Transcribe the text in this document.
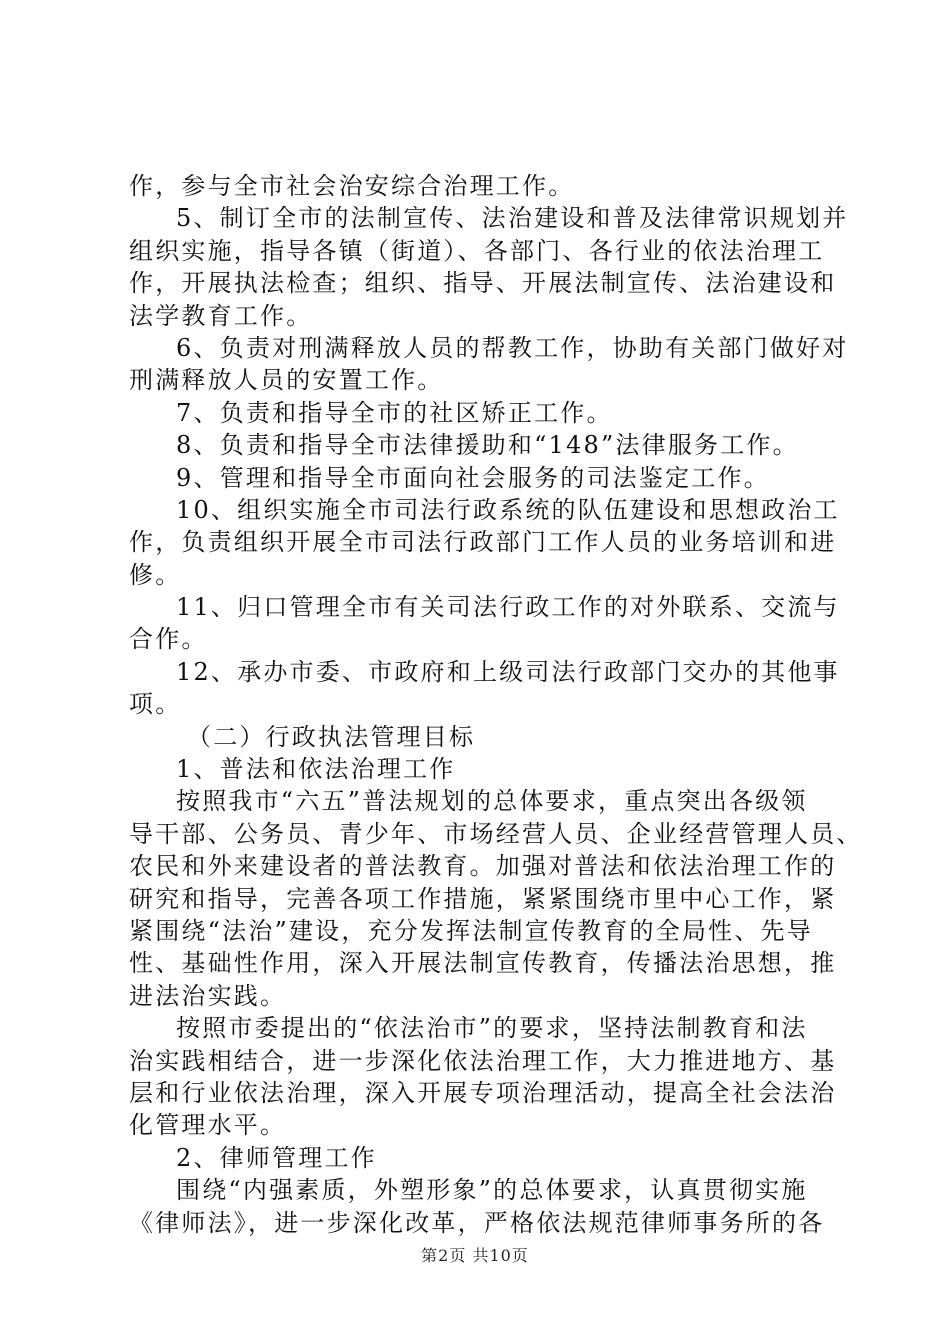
作，参与全市社会治安综合治理工作。
5、制订全市的法制宣传、法治建设和普及法律常识规划并
组织实施，指导各镇（街道）、各部门、各行业的依法治理工
作，开展执法检查；组织、指导、开展法制宣传、法治建设和
法学教育工作。
6、负责对刑满释放人员的帮教工作，协助有关部门做好对
刑满释放人员的安置工作。
7、负责和指导全市的社区矫正工作。
8、负责和指导全市法律援助和“148”法律服务工作。
9、管理和指导全市面向社会服务的司法鉴定工作。
10、组织实施全市司法行政系统的队伍建设和思想政治工
作，负责组织开展全市司法行政部门工作人员的业务培训和进
修。
11、归口管理全市有关司法行政工作的对外联系、交流与
合作。
12、承办市委、市政府和上级司法行政部门交办的其他事
项。
（二）行政执法管理目标
1、普法和依法治理工作
按照我市“六五”普法规划的总体要求，重点突出各级领
导干部、公务员、青少年、市场经营人员、企业经营管理人员、
农民和外来建设者的普法教育。加强对普法和依法治理工作的
研究和指导，完善各项工作措施，紧紧围绕市里中心工作，紧
紧围绕“法治”建设，充分发挥法制宣传教育的全局性、先导
性、基础性作用，深入开展法制宣传教育，传播法治思想，推
进法治实践。
按照市委提出的“依法治市”的要求，坚持法制教育和法
治实践相结合，进一步深化依法治理工作，大力推进地方、基
层和行业依法治理，深入开展专项治理活动，提高全社会法治
化管理水平。
2、律师管理工作
围绕“内强素质，外塑形象”的总体要求，认真贯彻实施
《律师法》，进一步深化改革，严格依法规范律师事务所的各
第2页 共10页
